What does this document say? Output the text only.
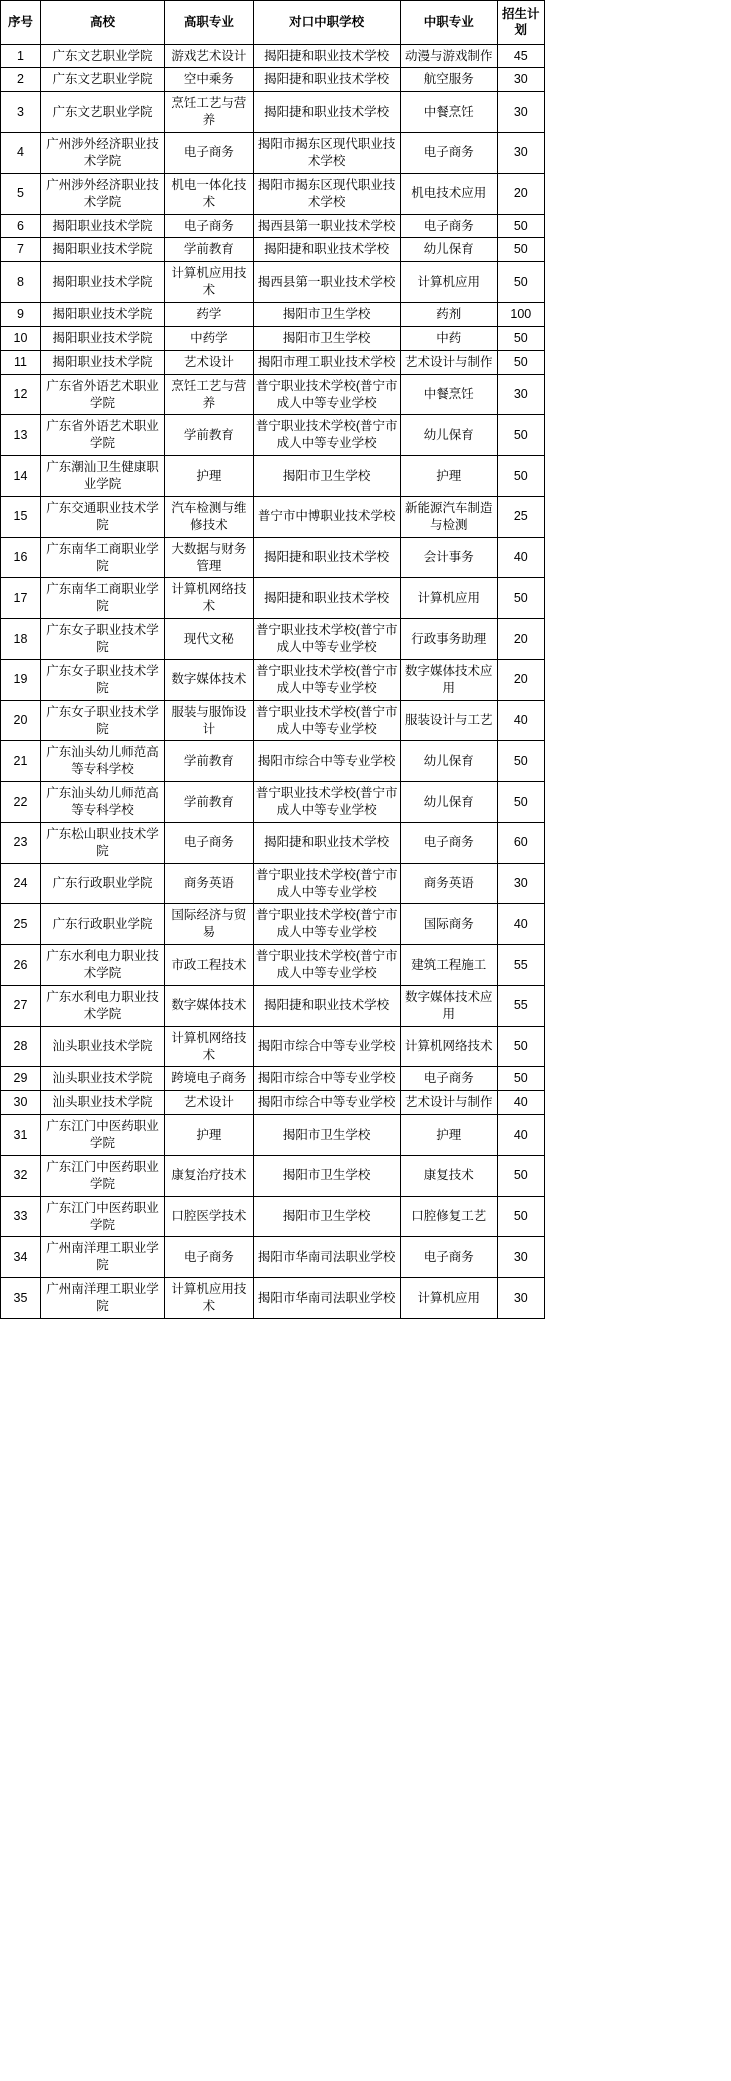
序号	高校	高职专业	对口中职学校	中职专业	招生计划
1	广东文艺职业学院	游戏艺术设计	揭阳捷和职业技术学校	动漫与游戏制作	45
2	广东文艺职业学院	空中乘务	揭阳捷和职业技术学校	航空服务	30
3	广东文艺职业学院	烹饪工艺与营养	揭阳捷和职业技术学校	中餐烹饪	30
4	广州涉外经济职业技术学院	电子商务	揭阳市揭东区现代职业技术学校	电子商务	30
5	广州涉外经济职业技术学院	机电一体化技术	揭阳市揭东区现代职业技术学校	机电技术应用	20
6	揭阳职业技术学院	电子商务	揭西县第一职业技术学校	电子商务	50
7	揭阳职业技术学院	学前教育	揭阳捷和职业技术学校	幼儿保育	50
8	揭阳职业技术学院	计算机应用技术	揭西县第一职业技术学校	计算机应用	50
9	揭阳职业技术学院	药学	揭阳市卫生学校	药剂	100
10	揭阳职业技术学院	中药学	揭阳市卫生学校	中药	50
11	揭阳职业技术学院	艺术设计	揭阳市理工职业技术学校	艺术设计与制作	50
12	广东省外语艺术职业学院	烹饪工艺与营养	普宁职业技术学校(普宁市成人中等专业学校	中餐烹饪	30
13	广东省外语艺术职业学院	学前教育	普宁职业技术学校(普宁市成人中等专业学校	幼儿保育	50
14	广东潮汕卫生健康职业学院	护理	揭阳市卫生学校	护理	50
15	广东交通职业技术学院	汽车检测与维修技术	普宁市中博职业技术学校	新能源汽车制造与检测	25
16	广东南华工商职业学院	大数据与财务管理	揭阳捷和职业技术学校	会计事务	40
17	广东南华工商职业学院	计算机网络技术	揭阳捷和职业技术学校	计算机应用	50
18	广东女子职业技术学院	现代文秘	普宁职业技术学校(普宁市成人中等专业学校	行政事务助理	20
19	广东女子职业技术学院	数字媒体技术	普宁职业技术学校(普宁市成人中等专业学校	数字媒体技术应用	20
20	广东女子职业技术学院	服装与服饰设计	普宁职业技术学校(普宁市成人中等专业学校	服装设计与工艺	40
21	广东汕头幼儿师范高等专科学校	学前教育	揭阳市综合中等专业学校	幼儿保育	50
22	广东汕头幼儿师范高等专科学校	学前教育	普宁职业技术学校(普宁市成人中等专业学校	幼儿保育	50
23	广东松山职业技术学院	电子商务	揭阳捷和职业技术学校	电子商务	60
24	广东行政职业学院	商务英语	普宁职业技术学校(普宁市成人中等专业学校	商务英语	30
25	广东行政职业学院	国际经济与贸易	普宁职业技术学校(普宁市成人中等专业学校	国际商务	40
26	广东水利电力职业技术学院	市政工程技术	普宁职业技术学校(普宁市成人中等专业学校	建筑工程施工	55
27	广东水利电力职业技术学院	数字媒体技术	揭阳捷和职业技术学校	数字媒体技术应用	55
28	汕头职业技术学院	计算机网络技术	揭阳市综合中等专业学校	计算机网络技术	50
29	汕头职业技术学院	跨境电子商务	揭阳市综合中等专业学校	电子商务	50
30	汕头职业技术学院	艺术设计	揭阳市综合中等专业学校	艺术设计与制作	40
31	广东江门中医药职业学院	护理	揭阳市卫生学校	护理	40
32	广东江门中医药职业学院	康复治疗技术	揭阳市卫生学校	康复技术	50
33	广东江门中医药职业学院	口腔医学技术	揭阳市卫生学校	口腔修复工艺	50
34	广州南洋理工职业学院	电子商务	揭阳市华南司法职业学校	电子商务	30
35	广州南洋理工职业学院	计算机应用技术	揭阳市华南司法职业学校	计算机应用	30
